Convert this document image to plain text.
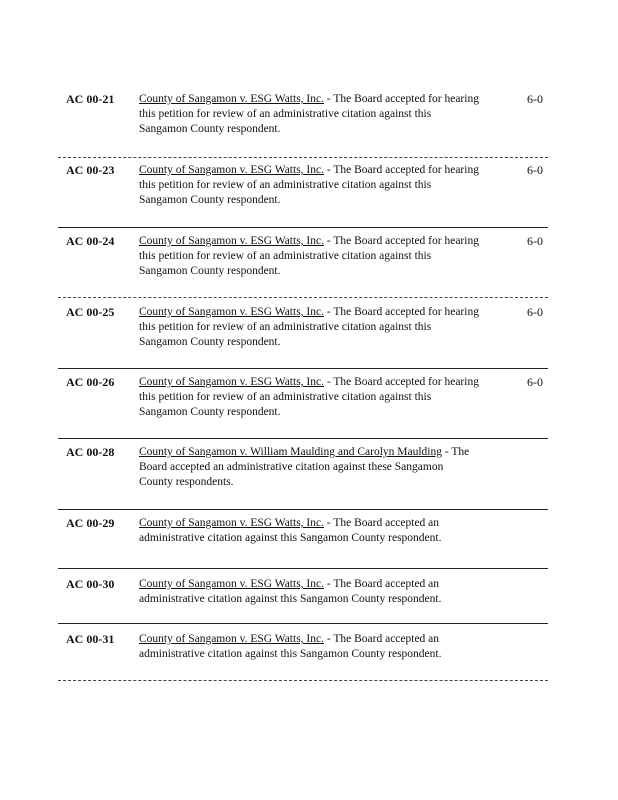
AC 00-21 County of Sangamon v. ESG Watts, Inc. - The Board accepted for hearing this petition for review of an administrative citation against this Sangamon County respondent.
6-0
AC 00-23 County of Sangamon v. ESG Watts, Inc. - The Board accepted for hearing this petition for review of an administrative citation against this Sangamon County respondent.
6-0
AC 00-24 County of Sangamon v. ESG Watts, Inc. - The Board accepted for hearing this petition for review of an administrative citation against this Sangamon County respondent.
6-0
AC 00-25 County of Sangamon v. ESG Watts, Inc. - The Board accepted for hearing this petition for review of an administrative citation against this Sangamon County respondent.
6-0
AC 00-26 County of Sangamon v. ESG Watts, Inc. - The Board accepted for hearing this petition for review of an administrative citation against this Sangamon County respondent.
6-0
AC 00-28 County of Sangamon v. William Maulding and Carolyn Maulding - The Board accepted an administrative citation against these Sangamon County respondents.
AC 00-29 County of Sangamon v. ESG Watts, Inc. - The Board accepted an administrative citation against this Sangamon County respondent.
AC 00-30 County of Sangamon v. ESG Watts, Inc. - The Board accepted an administrative citation against this Sangamon County respondent.
AC 00-31 County of Sangamon v. ESG Watts, Inc. - The Board accepted an administrative citation against this Sangamon County respondent.
